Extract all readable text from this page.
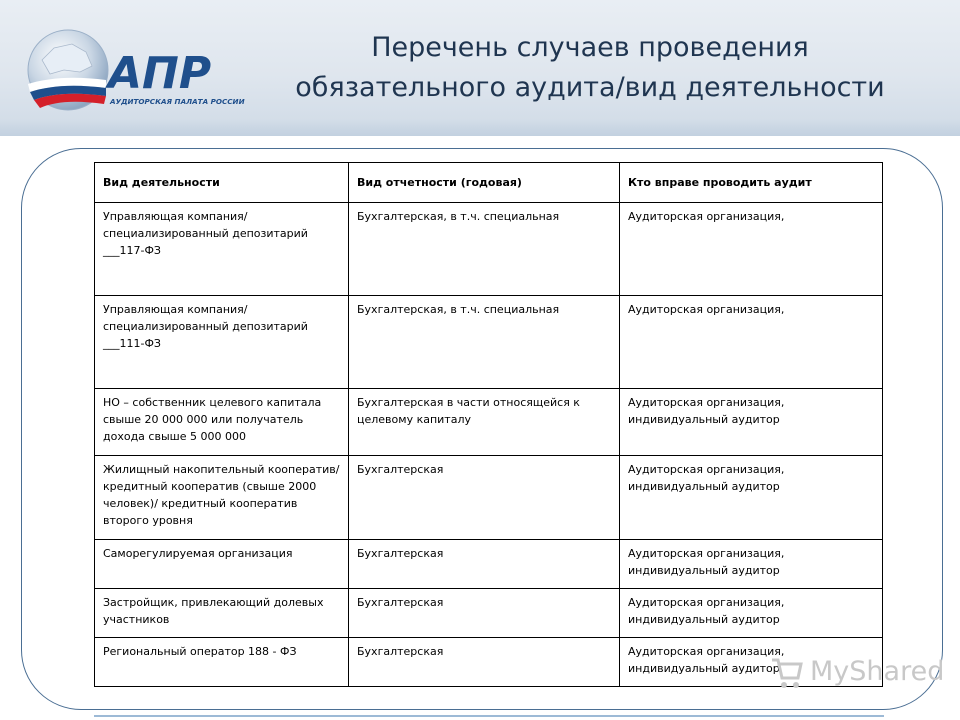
АПР
АУДИТОРСКАЯ ПАЛАТА РОССИИ
Перечень случаев проведения
обязательного аудита/вид деятельности
Вид деятельности	Вид отчетности (годовая)	Кто вправе проводить аудит
Управляющая компания/специализированный депозитарий ___117-ФЗ	Бухгалтерская, в т.ч. специальная	Аудиторская организация,
Управляющая компания/специализированный депозитарий ___111-ФЗ	Бухгалтерская, в т.ч. специальная	Аудиторская организация,
НО – собственник целевого капитала свыше 20 000 000 или получатель дохода свыше 5 000 000	Бухгалтерская в части относящейся к целевому капиталу	Аудиторская организация, индивидуальный аудитор
Жилищный накопительный кооператив/ кредитный кооператив (свыше 2000 человек)/ кредитный кооператив второго уровня	Бухгалтерская	Аудиторская организация, индивидуальный аудитор
Саморегулируемая организация	Бухгалтерская	Аудиторская организация, индивидуальный аудитор
Застройщик, привлекающий долевых участников	Бухгалтерская	Аудиторская организация, индивидуальный аудитор
Региональный оператор 188 - ФЗ	Бухгалтерская	Аудиторская организация, индивидуальный аудитор MyShared
